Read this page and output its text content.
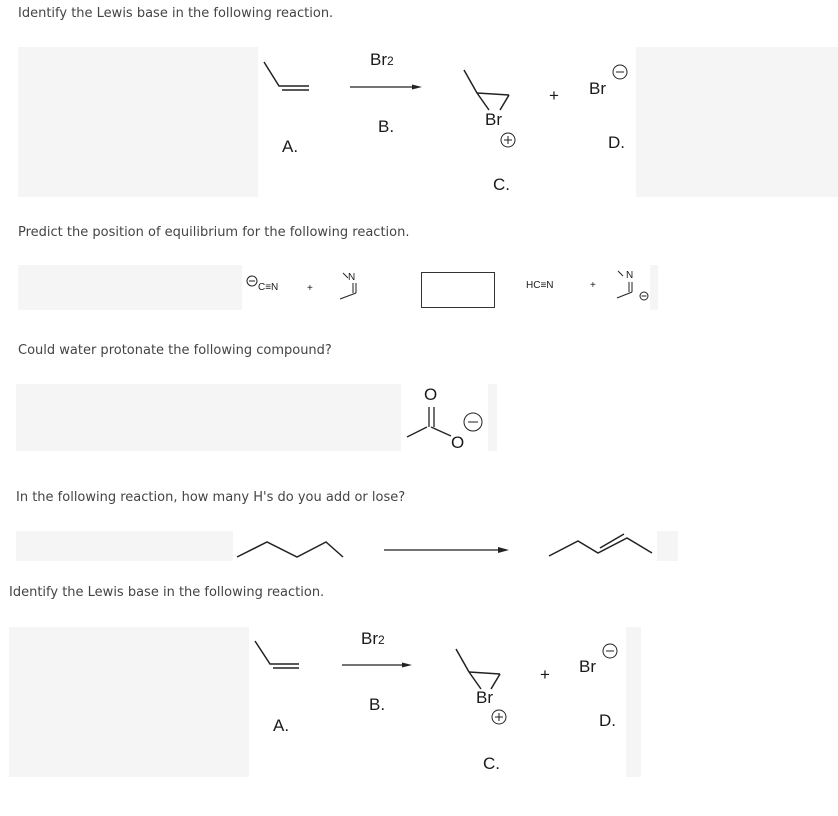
Identify the Lewis base in the following reaction.
Br2
B.
A.
Br
C.
+ Br
D.
Predict the position of equilibrium for the following reaction.
C≡N	+
N
HC≡N	+
N
Could water protonate the following compound?
O
O
In the following reaction, how many H's do you add or lose?
Identify the Lewis base in the following reaction.
Br2
B.
A.
Br
C.
+ Br
D.
